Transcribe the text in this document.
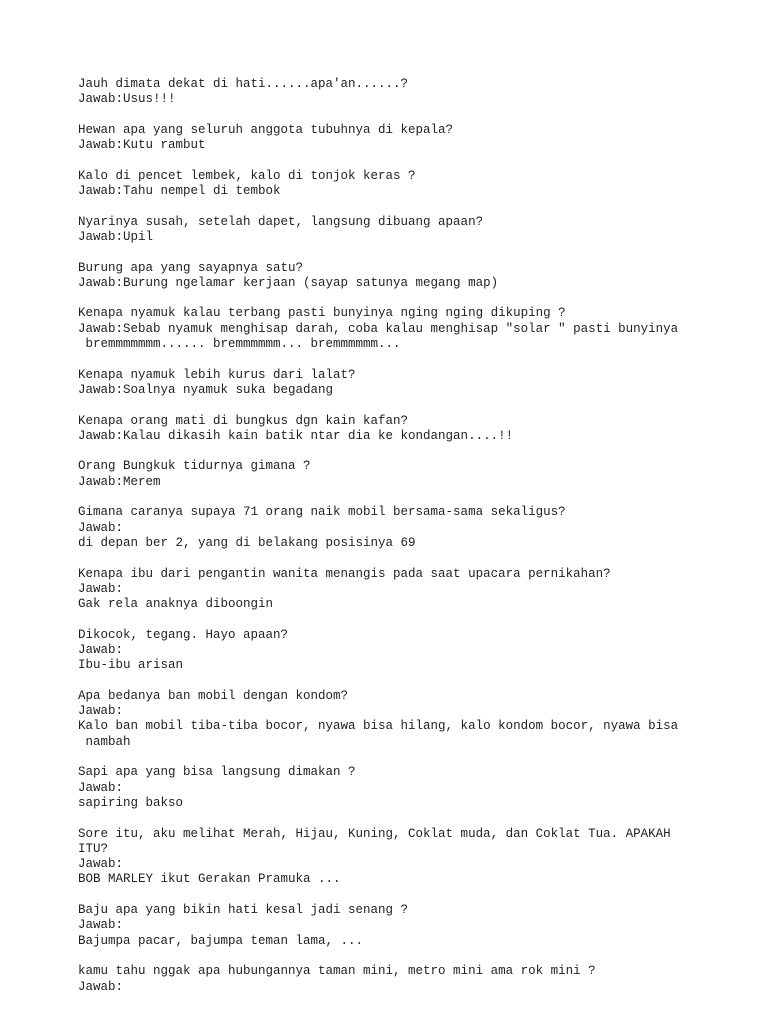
Jauh dimata dekat di hati......apa'an......?
Jawab:Usus!!!
Hewan apa yang seluruh anggota tubuhnya di kepala?
Jawab:Kutu rambut
Kalo di pencet lembek, kalo di tonjok keras ?
Jawab:Tahu nempel di tembok
Nyarinya susah, setelah dapet, langsung dibuang apaan?
Jawab:Upil
Burung apa yang sayapnya satu?
Jawab:Burung ngelamar kerjaan (sayap satunya megang map)
Kenapa nyamuk kalau terbang pasti bunyinya nging nging dikuping ?
Jawab:Sebab nyamuk menghisap darah, coba kalau menghisap "solar " pasti bunyinya
bremmmmmmm...... bremmmmmm... bremmmmmm...
Kenapa nyamuk lebih kurus dari lalat?
Jawab:Soalnya nyamuk suka begadang
Kenapa orang mati di bungkus dgn kain kafan?
Jawab:Kalau dikasih kain batik ntar dia ke kondangan....!!
Orang Bungkuk tidurnya gimana ?
Jawab:Merem
Gimana caranya supaya 71 orang naik mobil bersama-sama sekaligus?
Jawab:
di depan ber 2, yang di belakang posisinya 69
Kenapa ibu dari pengantin wanita menangis pada saat upacara pernikahan?
Jawab:
Gak rela anaknya diboongin
Dikocok, tegang. Hayo apaan?
Jawab:
Ibu-ibu arisan
Apa bedanya ban mobil dengan kondom?
Jawab:
Kalo ban mobil tiba-tiba bocor, nyawa bisa hilang, kalo kondom bocor, nyawa bisa
nambah
Sapi apa yang bisa langsung dimakan ?
Jawab:
sapiring bakso
Sore itu, aku melihat Merah, Hijau, Kuning, Coklat muda, dan Coklat Tua. APAKAH
ITU?
Jawab:
BOB MARLEY ikut Gerakan Pramuka ...
Baju apa yang bikin hati kesal jadi senang ?
Jawab:
Bajumpa pacar, bajumpa teman lama, ...
kamu tahu nggak apa hubungannya taman mini, metro mini ama rok mini ?
Jawab:
